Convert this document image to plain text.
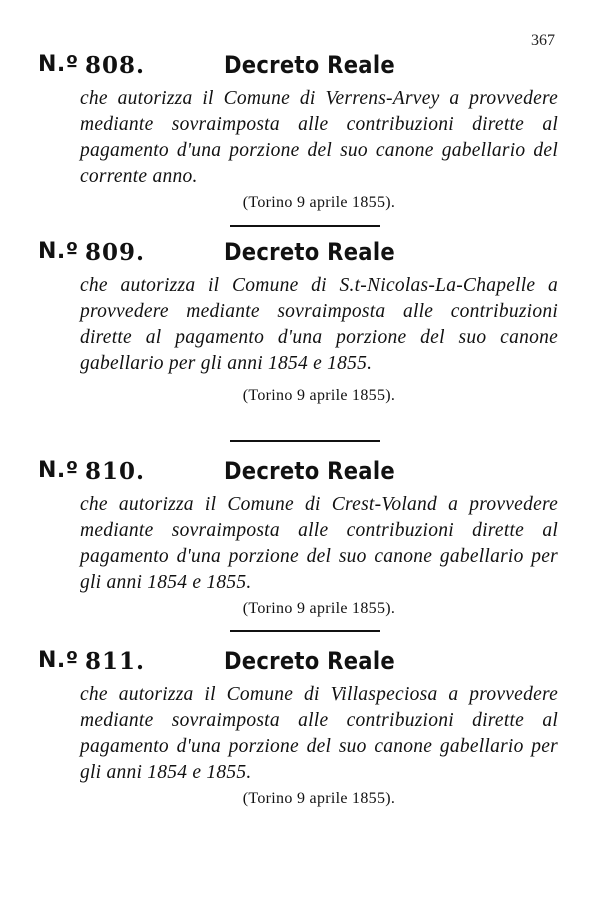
367
N.º 808.	Decreto Reale
che autorizza il Comune di Verrens-Arvey a provvedere mediante sovraimposta alle contribuzioni dirette al pagamento d'una porzione del suo canone gabellario del corrente anno.
(Torino 9 aprile 1855).
N.º 809.	Decreto Reale
che autorizza il Comune di S.t-Nicolas-La-Chapelle a provvedere mediante sovraimposta alle contribuzioni dirette al pagamento d'una porzione del suo canone gabellario per gli anni 1854 e 1855.
(Torino 9 aprile 1855).
N.º 810.	Decreto Reale
che autorizza il Comune di Crest-Voland a provvedere mediante sovraimposta alle contribuzioni dirette al pagamento d'una porzione del suo canone gabellario per gli anni 1854 e 1855.
(Torino 9 aprile 1855).
N.º 811.	Decreto Reale
che autorizza il Comune di Villaspeciosa a provvedere mediante sovraimposta alle contribuzioni dirette al pagamento d'una porzione del suo canone gabellario per gli anni 1854 e 1855.
(Torino 9 aprile 1855).
